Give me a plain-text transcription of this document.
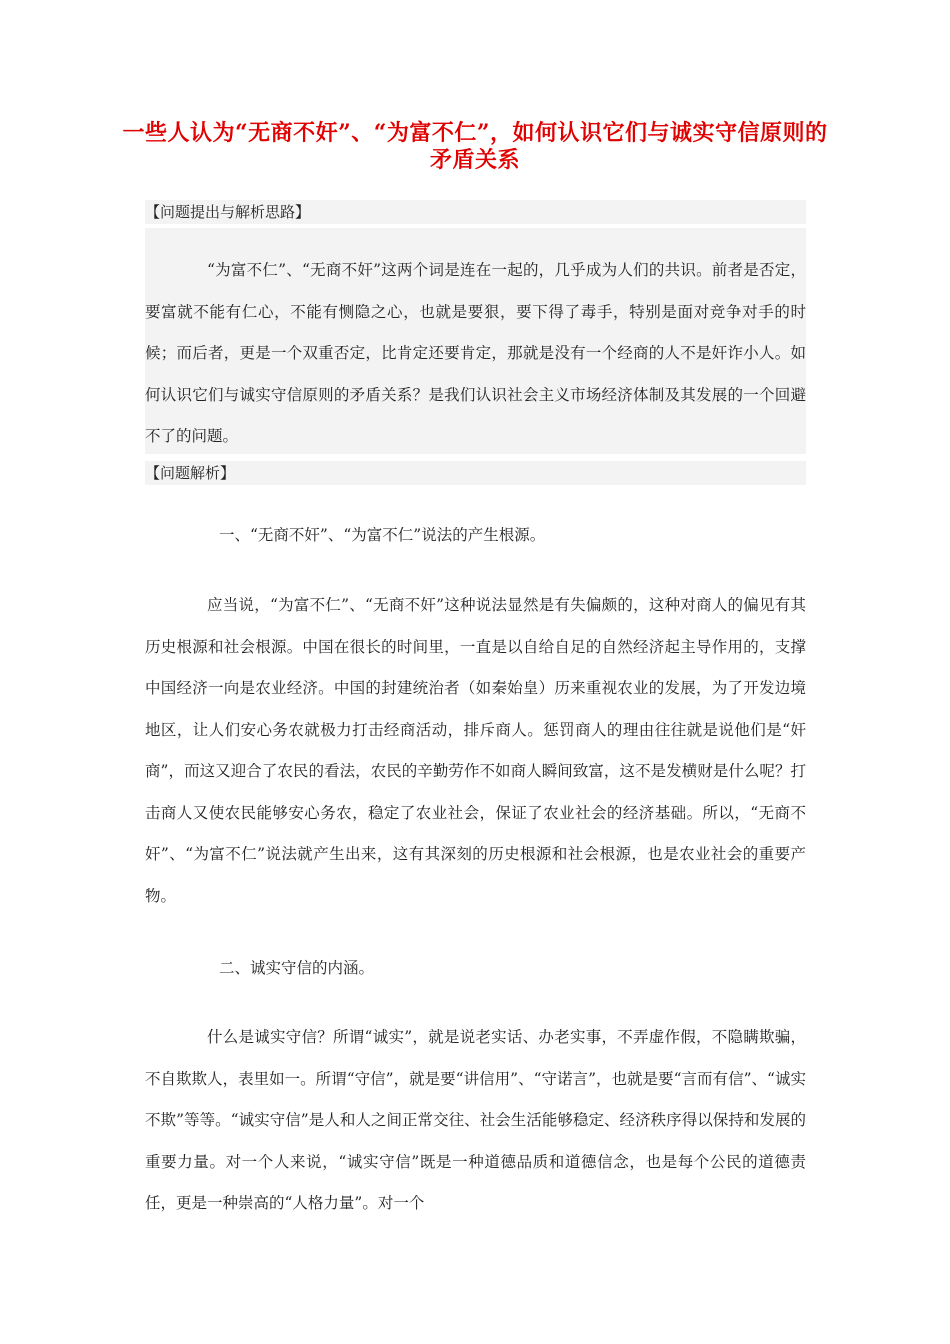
一些人认为“无商不奸”、“为富不仁”，如何认识它们与诚实守信原则的矛盾关系
【问题提出与解析思路】

“为富不仁”、“无商不奸”这两个词是连在一起的，几乎成为人们的共识。前者是否定，要富就不能有仁心，不能有恻隐之心，也就是要狠，要下得了毒手，特别是面对竞争对手的时候；而后者，更是一个双重否定，比肯定还要肯定，那就是没有一个经商的人不是奸诈小人。如何认识它们与诚实守信原则的矛盾关系？是我们认识社会主义市场经济体制及其发展的一个回避不了的问题。

【问题解析】
一、“无商不奸”、“为富不仁”说法的产生根源。

应当说，“为富不仁”、“无商不奸”这种说法显然是有失偏颇的，这种对商人的偏见有其历史根源和社会根源。中国在很长的时间里，一直是以自给自足的自然经济起主导作用的，支撑中国经济一向是农业经济。中国的封建统治者（如秦始皇）历来重视农业的发展，为了开发边境地区，让人们安心务农就极力打击经商活动，排斥商人。惩罚商人的理由往往就是说他们是“奸商”，而这又迎合了农民的看法，农民的辛勤劳作不如商人瞬间致富，这不是发横财是什么呢？打击商人又使农民能够安心务农，稳定了农业社会，保证了农业社会的经济基础。所以，“无商不奸”、“为富不仁”说法就产生出来，这有其深刻的历史根源和社会根源，也是农业社会的重要产物。

二、诚实守信的内涵。

什么是诚实守信？所谓“诚实”，就是说老实话、办老实事，不弄虚作假，不隐瞒欺骗，不自欺欺人，表里如一。所谓“守信”，就是要“讲信用”、“守诺言”，也就是要“言而有信”、“诚实不欺”等等。“诚实守信”是人和人之间正常交往、社会生活能够稳定、经济秩序得以保持和发展的重要力量。对一个人来说，“诚实守信”既是一种道德品质和道德信念，也是每个公民的道德责任，更是一种崇高的“人格力量”。对一个
